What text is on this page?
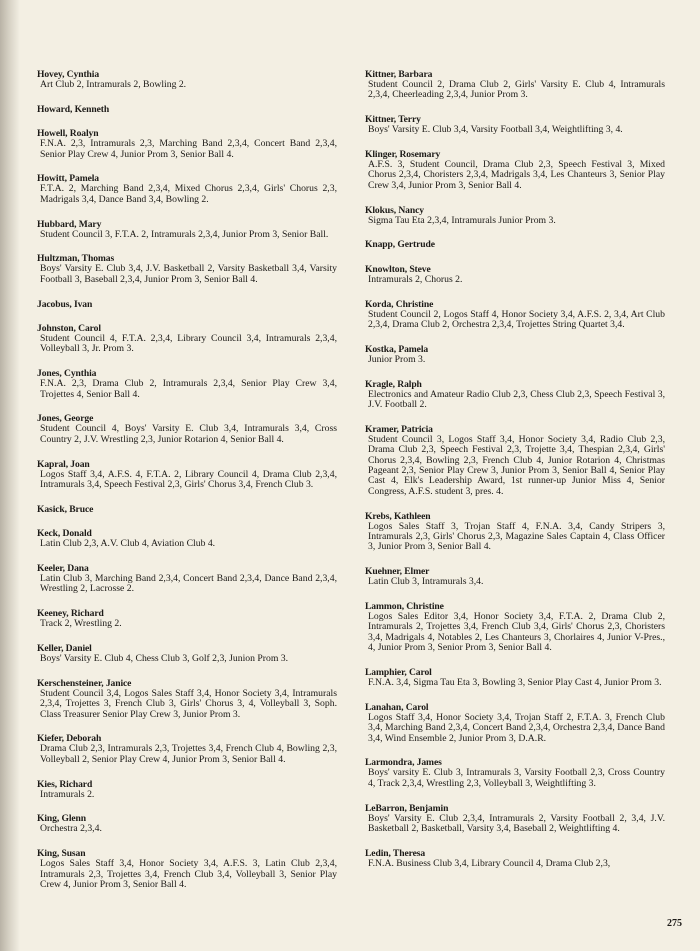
Hovey, Cynthia
Art Club 2, Intramurals 2, Bowling 2.
Howard, Kenneth
Howell, Roalyn
F.N.A. 2,3, Intramurals 2,3, Marching Band 2,3,4, Concert Band 2,3,4, Senior Play Crew 4, Junior Prom 3, Senior Ball 4.
Howitt, Pamela
F.T.A. 2, Marching Band 2,3,4, Mixed Chorus 2,3,4, Girls' Chorus 2,3, Madrigals 3,4, Dance Band 3,4, Bowling 2.
Hubbard, Mary
Student Council 3, F.T.A. 2, Intramurals 2,3,4, Junior Prom 3, Senior Ball.
Hultzman, Thomas
Boys' Varsity E. Club 3,4, J.V. Basketball 2, Varsity Basketball 3,4, Varsity Football 3, Baseball 2,3,4, Junior Prom 3, Senior Ball 4.
Jacobus, Ivan
Johnston, Carol
Student Council 4, F.T.A. 2,3,4, Library Council 3,4, Intramurals 2,3,4, Volleyball 3, Jr. Prom 3.
Jones, Cynthia
F.N.A. 2,3, Drama Club 2, Intramurals 2,3,4, Senior Play Crew 3,4, Trojettes 4, Senior Ball 4.
Jones, George
Student Council 4, Boys' Varsity E. Club 3,4, Intramurals 3,4, Cross Country 2, J.V. Wrestling 2,3, Junior Rotarion 4, Senior Ball 4.
Kapral, Joan
Logos Staff 3,4, A.F.S. 4, F.T.A. 2, Library Council 4, Drama Club 2,3,4, Intramurals 3,4, Speech Festival 2,3, Girls' Chorus 3,4, French Club 3.
Kasick, Bruce
Keck, Donald
Latin Club 2,3, A.V. Club 4, Aviation Club 4.
Keeler, Dana
Latin Club 3, Marching Band 2,3,4, Concert Band 2,3,4, Dance Band 2,3,4, Wrestling 2, Lacrosse 2.
Keeney, Richard
Track 2, Wrestling 2.
Keller, Daniel
Boys' Varsity E. Club 4, Chess Club 3, Golf 2,3, Junion Prom 3.
Kerschensteiner, Janice
Student Council 3,4, Logos Sales Staff 3,4, Honor Society 3,4, Intramurals 2,3,4, Trojettes 3, French Club 3, Girls' Chorus 3, 4, Volleyball 3, Soph. Class Treasurer Senior Play Crew 3, Junior Prom 3.
Kiefer, Deborah
Drama Club 2,3, Intramurals 2,3, Trojettes 3,4, French Club 4, Bowling 2,3, Volleyball 2, Senior Play Crew 4, Junior Prom 3, Senior Ball 4.
Kies, Richard
Intramurals 2.
King, Glenn
Orchestra 2,3,4.
King, Susan
Logos Sales Staff 3,4, Honor Society 3,4, A.F.S. 3, Latin Club 2,3,4, Intramurals 2,3, Trojettes 3,4, French Club 3,4, Volleyball 3, Senior Play Crew 4, Junior Prom 3, Senior Ball 4.
Kittner, Barbara
Student Council 2, Drama Club 2, Girls' Varsity E. Club 4, Intramurals 2,3,4, Cheerleading 2,3,4, Junior Prom 3.
Kittner, Terry
Boys' Varsity E. Club 3,4, Varsity Football 3,4, Weightlifting 3, 4.
Klinger, Rosemary
A.F.S. 3, Student Council, Drama Club 2,3, Speech Festival 3, Mixed Chorus 2,3,4, Choristers 2,3,4, Madrigals 3,4, Les Chanteurs 3, Senior Play Crew 3,4, Junior Prom 3, Senior Ball 4.
Klokus, Nancy
Sigma Tau Eta 2,3,4, Intramurals Junior Prom 3.
Knapp, Gertrude
Knowlton, Steve
Intramurals 2, Chorus 2.
Korda, Christine
Student Council 2, Logos Staff 4, Honor Society 3,4, A.F.S. 2, 3,4, Art Club 2,3,4, Drama Club 2, Orchestra 2,3,4, Trojettes String Quartet 3,4.
Kostka, Pamela
Junior Prom 3.
Kragle, Ralph
Electronics and Amateur Radio Club 2,3, Chess Club 2,3, Speech Festival 3, J.V. Football 2.
Kramer, Patricia
Student Council 3, Logos Staff 3,4, Honor Society 3,4, Radio Club 2,3, Drama Club 2,3, Speech Festival 2,3, Trojette 3,4, Thespian 2,3,4, Girls' Chorus 2,3,4, Bowling 2,3, French Club 4, Junior Rotarion 4, Christmas Pageant 2,3, Senior Play Crew 3, Junior Prom 3, Senior Ball 4, Senior Play Cast 4, Elk's Leadership Award, 1st runner-up Junior Miss 4, Senior Congress, A.F.S. student 3, pres. 4.
Krebs, Kathleen
Logos Sales Staff 3, Trojan Staff 4, F.N.A. 3,4, Candy Stripers 3, Intramurals 2,3, Girls' Chorus 2,3, Magazine Sales Captain 4, Class Officer 3, Junior Prom 3, Senior Ball 4.
Kuehner, Elmer
Latin Club 3, Intramurals 3,4.
Lammon, Christine
Logos Sales Editor 3,4, Honor Society 3,4, F.T.A. 2, Drama Club 2, Intramurals 2, Trojettes 3,4, French Club 3,4, Girls' Chorus 2,3, Choristers 3,4, Madrigals 4, Notables 2, Les Chanteurs 3, Chorlaires 4, Junior V-Pres., 4, Junior Prom 3, Senior Prom 3, Senior Ball 4.
Lamphier, Carol
F.N.A. 3,4, Sigma Tau Eta 3, Bowling 3, Senior Play Cast 4, Junior Prom 3.
Lanahan, Carol
Logos Staff 3,4, Honor Society 3,4, Trojan Staff 2, F.T.A. 3, French Club 3,4, Marching Band 2,3,4, Concert Band 2,3,4, Orchestra 2,3,4, Dance Band 3,4, Wind Ensemble 2, Junior Prom 3, D.A.R.
Larmondra, James
Boys' varsity E. Club 3, Intramurals 3, Varsity Football 2,3, Cross Country 4, Track 2,3,4, Wrestling 2,3, Volleyball 3, Weightlifting 3.
LeBarron, Benjamin
Boys' Varsity E. Club 2,3,4, Intramurals 2, Varsity Football 2, 3,4, J.V. Basketball 2, Basketball, Varsity 3,4, Baseball 2, Weightlifting 4.
Ledin, Theresa
F.N.A. Business Club 3,4, Library Council 4, Drama Club 2,3,
275
